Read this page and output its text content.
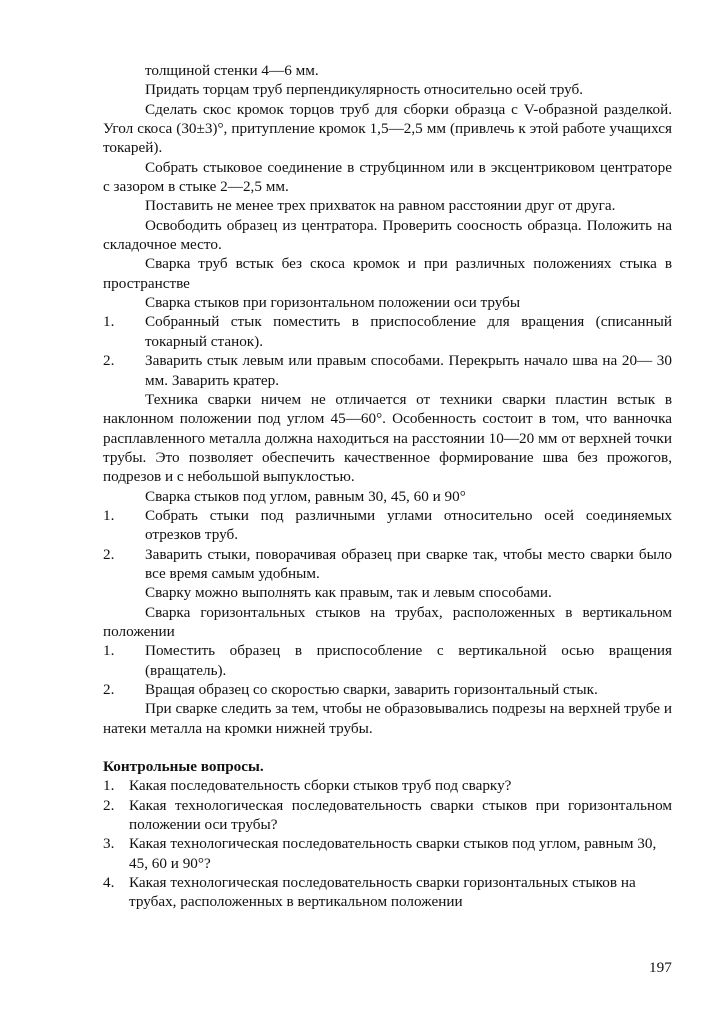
толщиной стенки 4—6 мм.

Придать торцам труб перпендикулярность относительно осей труб.

Сделать скос кромок торцов труб для сборки образца с V-образной разделкой. Угол скоса (30±3)°, притупление кромок 1,5—2,5 мм (привлечь к этой работе учащихся токарей).

Собрать стыковое соединение в струбцинном или в эксцентриковом центраторе с зазором в стыке 2—2,5 мм.

Поставить не менее трех прихваток на равном расстоянии друг от друга.

Освободить образец из центратора. Проверить соосность образца. Положить на складочное место.

Сварка труб встык без скоса кромок и при различных положениях стыка в пространстве

Сварка стыков при горизонтальном положении оси трубы

1.	Собранный стык поместить в приспособление для вращения (списанный токарный станок).
2.	Заварить стык левым или правым способами. Перекрыть начало шва на 20— 30 мм. Заварить кратер.

Техника сварки ничем не отличается от техники сварки пластин встык в наклонном положении под углом 45—60°. Особенность состоит в том, что ванночка расплавленного металла должна находиться на расстоянии 10—20 мм от верхней точки трубы. Это позволяет обеспечить качественное формирование шва без прожогов, подрезов и с небольшой выпуклостью.

Сварка стыков под углом, равным 30, 45, 60 и 90°

1.	Собрать стыки под различными углами относительно осей соединяемых отрезков труб.
2.	Заварить стыки, поворачивая образец при сварке так, чтобы место сварки было все время самым удобным.

Сварку можно выполнять как правым, так и левым способами.

Сварка горизонтальных стыков на трубах, расположенных в вертикальном положении

1.	Поместить образец в приспособление с вертикальной осью вращения (вращатель).
2.	Вращая образец со скоростью сварки, заварить горизонтальный стык.

При сварке следить за тем, чтобы не образовывались подрезы на верхней трубе и натеки металла на кромки нижней трубы.

Контрольные вопросы.

1. Какая последовательность сборки стыков труб под сварку?
2. Какая технологическая последовательность сварки стыков при горизонтальном положении оси трубы?
3. Какая технологическая последовательность сварки стыков под углом, равным 30, 45, 60 и 90°?
4. Какая технологическая последовательность сварки горизонтальных стыков на трубах, расположенных в вертикальном положении
197
